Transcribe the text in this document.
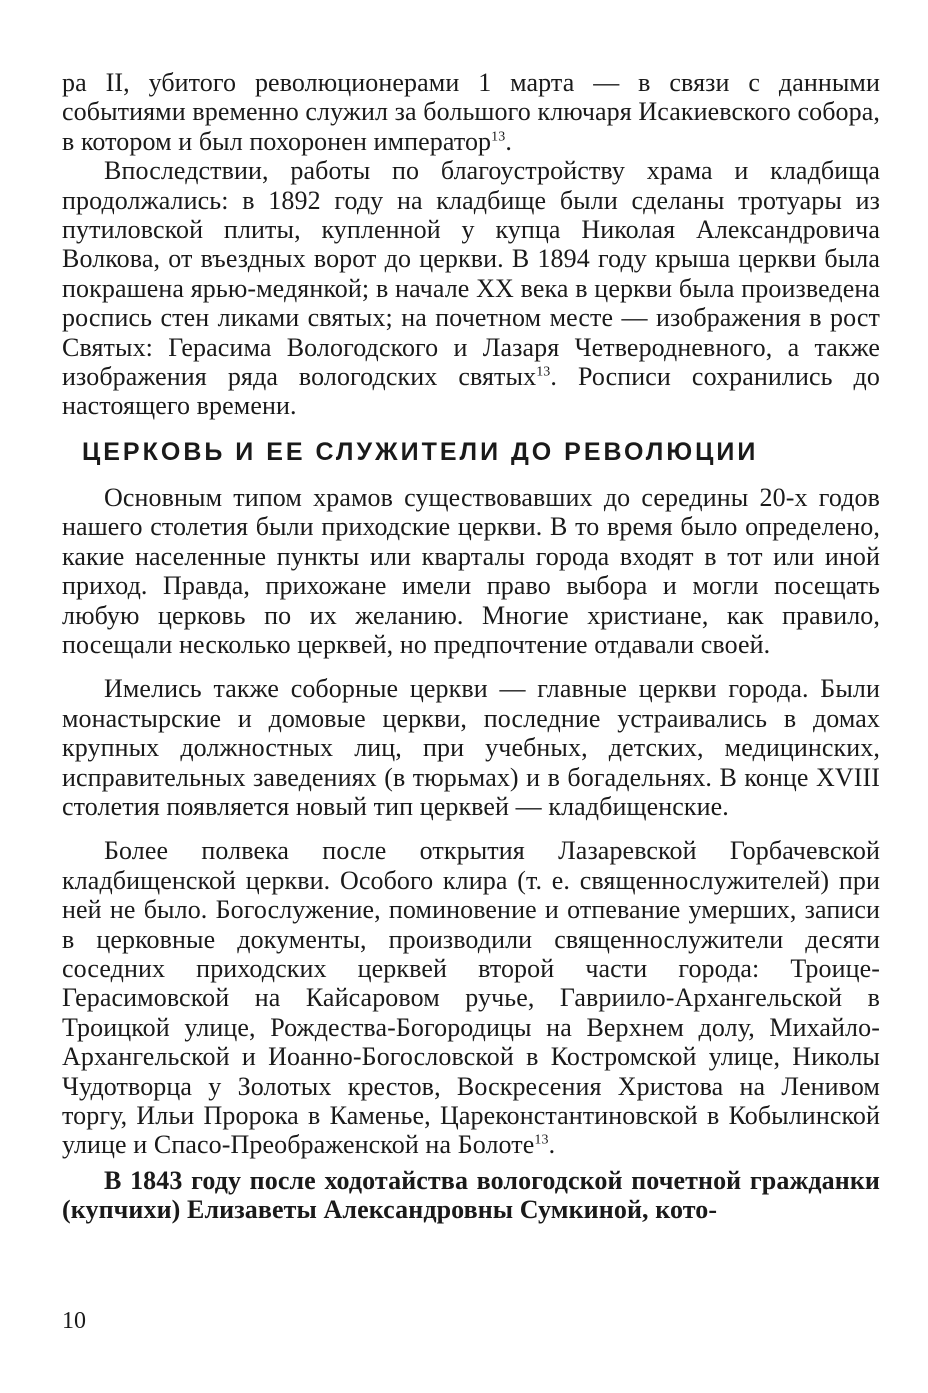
ра II, убитого революционерами 1 марта — в связи с данными событиями временно служил за большого ключаря Исакиевского собора, в котором и был похоронен император$^{13}$.

Впоследствии, работы по благоустройству храма и кладбища продолжались: в 1892 году на кладбище были сделаны тротуары из путиловской плиты, купленной у купца Николая Александровича Волкова, от въездных ворот до церкви. В 1894 году крыша церкви была покрашена ярью-медянкой; в начале XX века в церкви была произведена роспись стен ликами святых; на почетном месте — изображения в рост Святых: Герасима Вологодского и Лазаря Четверодневного, а также изображения ряда вологодских святых$^{13}$. Росписи сохранились до настоящего времени.

ЦЕРКОВЬ И ЕЕ СЛУЖИТЕЛИ ДО РЕВОЛЮЦИИ

Основным типом храмов существовавших до середины 20-х годов нашего столетия были приходские церкви. В то время было определено, какие населенные пункты или кварталы города входят в тот или иной приход. Правда, прихожане имели право выбора и могли посещать любую церковь по их желанию. Многие христиане, как правило, посещали несколько церквей, но предпочтение отдавали своей.

Имелись также соборные церкви — главные церкви города. Были монастырские и домовые церкви, последние устраивались в домах крупных должностных лиц, при учебных, детских, медицинских, исправительных заведениях (в тюрьмах) и в богадельнях. В конце XVIII столетия появляется новый тип церквей — кладбищенские.

Более полвека после открытия Лазаревской Горбачевской кладбищенской церкви. Особого клира (т. е. священнослужителей) при ней не было. Богослужение, поминовение и отпевание умерших, записи в церковные документы, производили священнослужители десяти соседних приходских церквей второй части города: Троице-Герасимовской на Кайсаровом ручье, Гавриило-Архангельской в Троицкой улице, Рождества-Богородицы на Верхнем долу, Михайло-Архангельской и Иоанно-Богословской в Костромской улице, Николы Чудотворца у Золотых крестов, Воскресения Христова на Ленивом торгу, Ильи Пророка в Каменье, Цареконстантиновской в Кобылинской улице и Спасо-Преображенской на Болоте$^{13}$.

В 1843 году после ходотайства вологодской почетной гражданки (купчихи) Елизаветы Александровны Сумкиной, кото-

10
